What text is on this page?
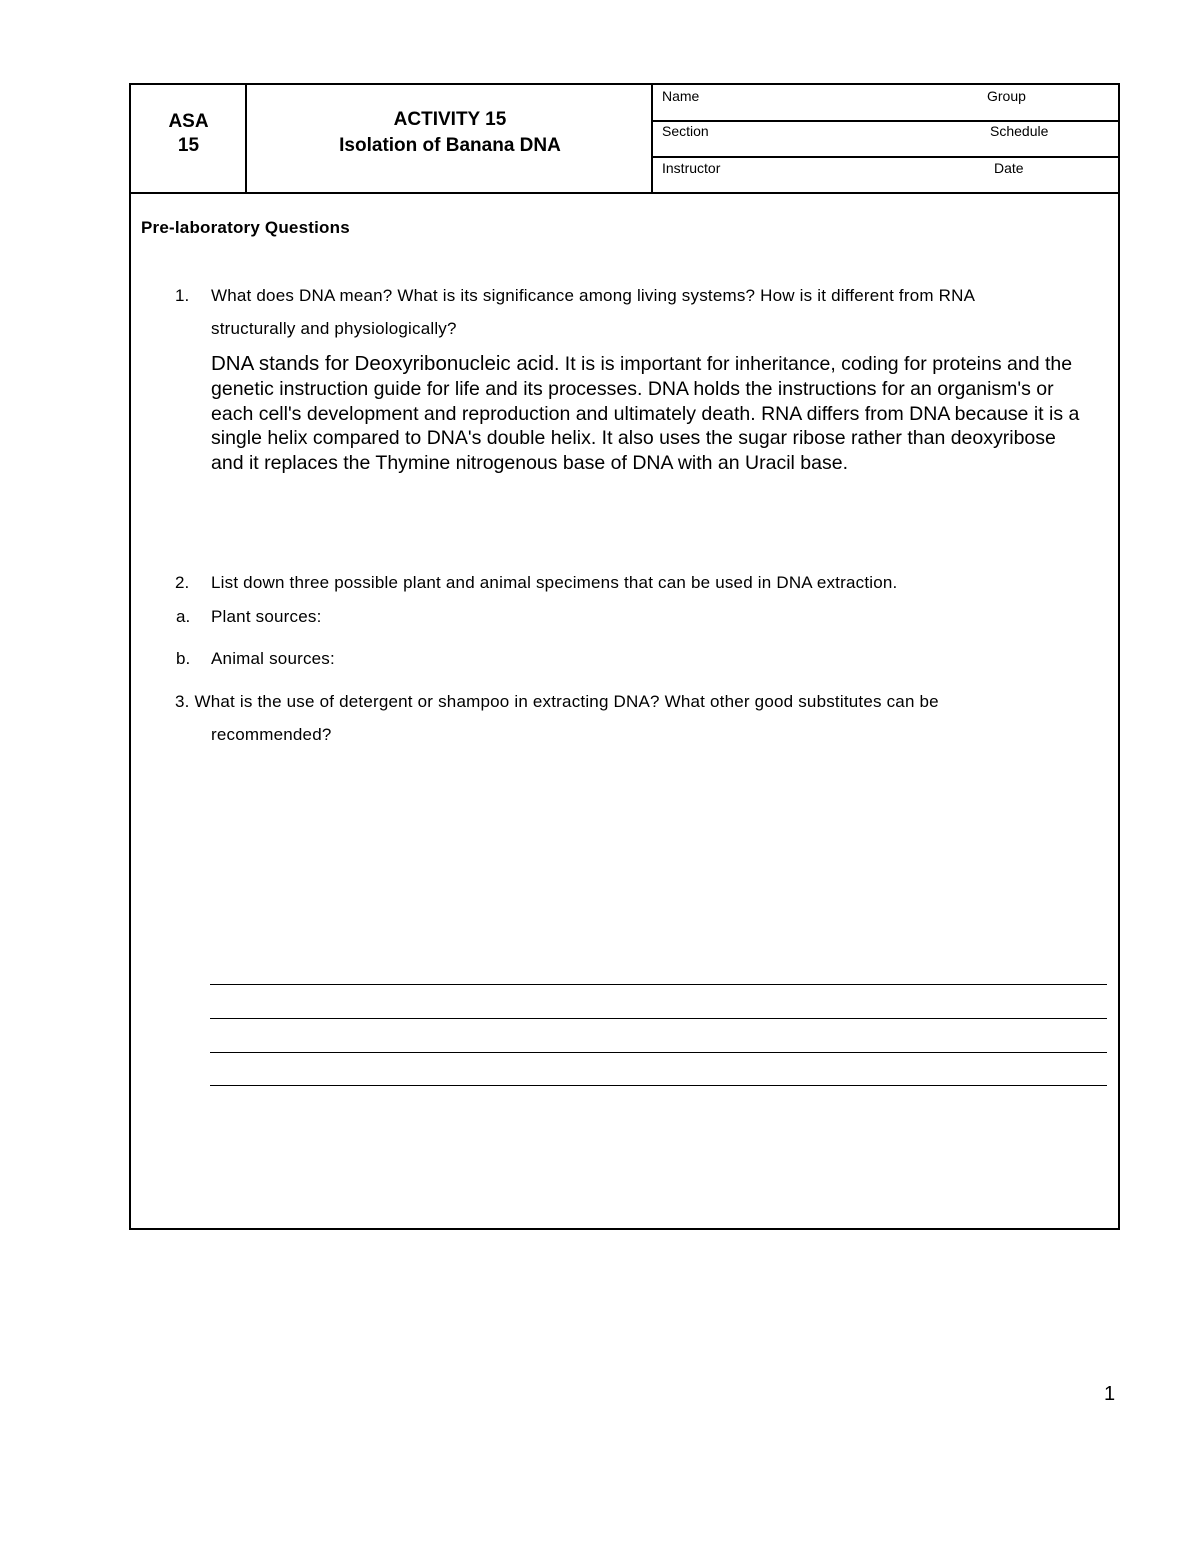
ASA
15
ACTIVITY 15
Isolation of Banana DNA
Name	Group
Section	Schedule
Instructor	Date
Pre-laboratory Questions
1. What does DNA mean? What is its significance among living systems? How is it different from RNA
structurally and physiologically?

DNA stands for Deoxyribonucleic acid. It is is important for inheritance, coding for proteins and the genetic instruction guide for life and its processes. DNA holds the instructions for an organism's or each cell's development and reproduction and ultimately death. RNA differs from DNA because it is a single helix compared to DNA's double helix. It also uses the sugar ribose rather than deoxyribose and it replaces the Thymine nitrogenous base of DNA with an Uracil base.

2. List down three possible plant and animal specimens that can be used in DNA extraction.
a. Plant sources:
b. Animal sources:
3. What is the use of detergent or shampoo in extracting DNA? What other good substitutes can be
recommended?
1
